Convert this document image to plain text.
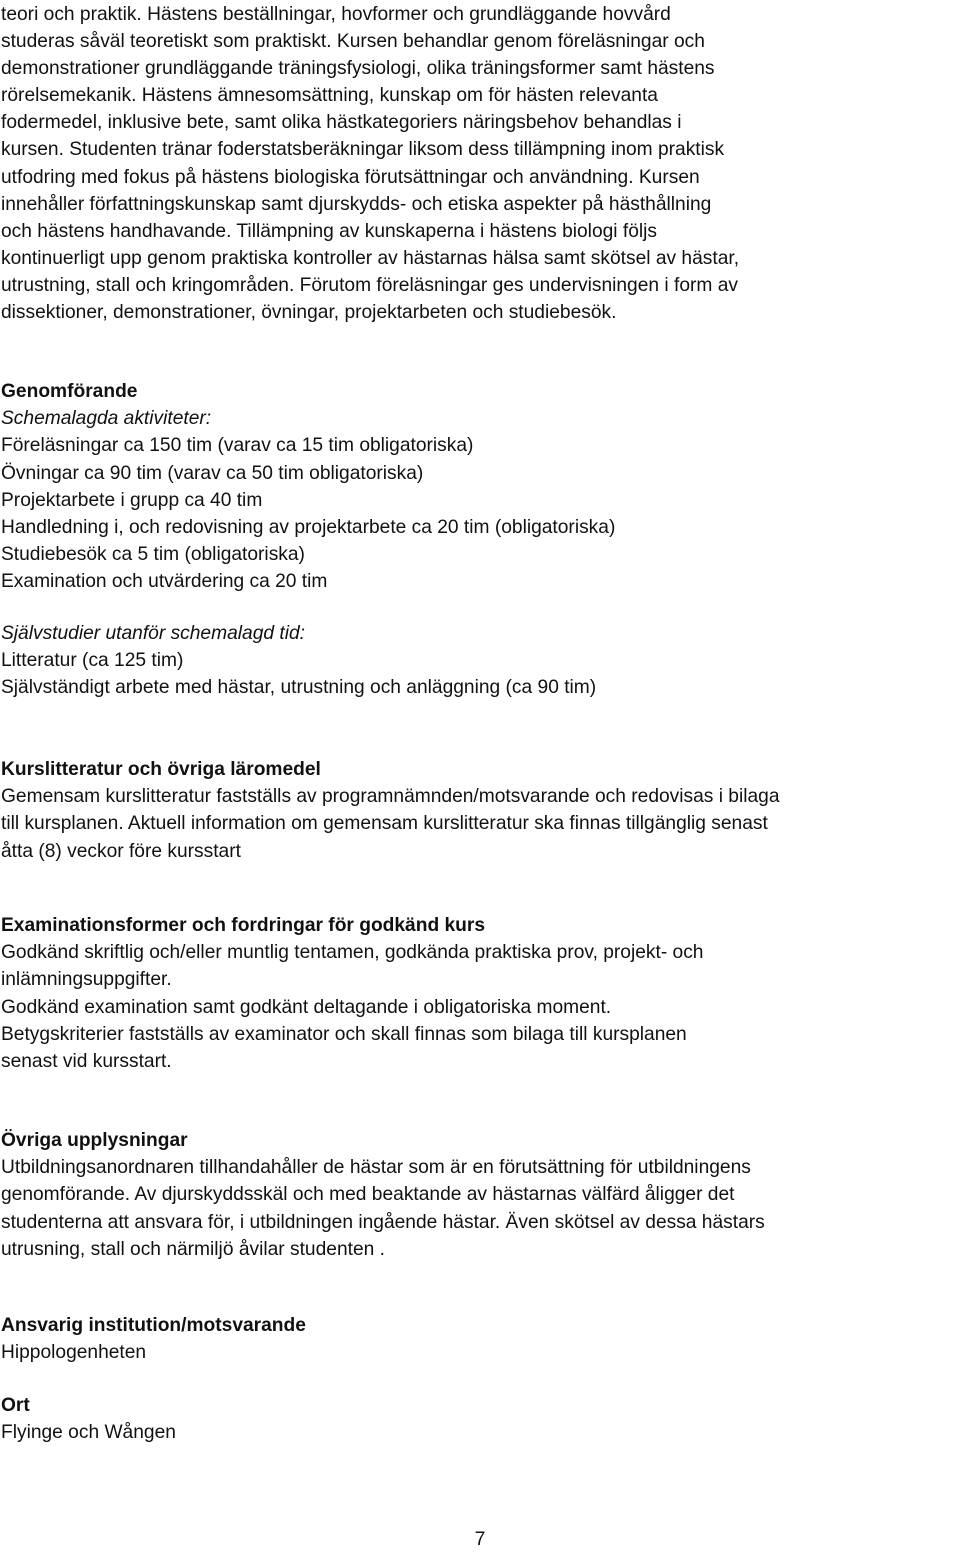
teori och praktik. Hästens beställningar, hovformer och grundläggande hovvård
studeras såväl teoretiskt som praktiskt. Kursen behandlar genom föreläsningar och
demonstrationer grundläggande träningsfysiologi, olika träningsformer samt hästens
rörelsemekanik. Hästens ämnesomsättning, kunskap om för hästen relevanta
fodermedel, inklusive bete, samt olika hästkategoriers näringsbehov behandlas i
kursen. Studenten tränar foderstatsberäkningar liksom dess tillämpning inom praktisk
utfodring med fokus på hästens biologiska förutsättningar och användning. Kursen
innehåller författningskunskap samt djurskydds- och etiska aspekter på hästhållning
och hästens handhavande. Tillämpning av kunskaperna i hästens biologi följs
kontinuerligt upp genom praktiska kontroller av hästarnas hälsa samt skötsel av hästar,
utrustning, stall och kringområden. Förutom föreläsningar ges undervisningen i form av
dissektioner, demonstrationer, övningar, projektarbeten och studiebesök.
Genomförande
Schemalagda aktiviteter:
Föreläsningar ca 150 tim (varav ca 15 tim obligatoriska)
Övningar ca 90 tim (varav ca 50 tim obligatoriska)
Projektarbete i grupp ca 40 tim
Handledning i, och redovisning av projektarbete ca 20 tim (obligatoriska)
Studiebesök ca 5 tim (obligatoriska)
Examination och utvärdering ca 20 tim
Självstudier utanför schemalagd tid:
Litteratur (ca 125 tim)
Självständigt arbete med hästar, utrustning och anläggning (ca 90 tim)
Kurslitteratur och övriga läromedel
Gemensam kurslitteratur fastställs av programnämnden/motsvarande och redovisas i bilaga
till kursplanen. Aktuell information om gemensam kurslitteratur ska finnas tillgänglig senast
åtta (8) veckor före kursstart
Examinationsformer och fordringar för godkänd kurs
Godkänd skriftlig och/eller muntlig tentamen, godkända praktiska prov, projekt- och
inlämningsuppgifter.
Godkänd examination samt godkänt deltagande i obligatoriska moment.
Betygskriterier fastställs av examinator och skall finnas som bilaga till kursplanen
senast vid kursstart.
Övriga upplysningar
Utbildningsanordnaren tillhandahåller de hästar som är en förutsättning för utbildningens
genomförande. Av djurskyddsskäl och med beaktande av hästarnas välfärd åligger det
studenterna att ansvara för, i utbildningen ingående hästar. Även skötsel av dessa hästars
utrusning, stall och närmiljö åvilar studenten .
Ansvarig institution/motsvarande
Hippologenheten
Ort
Flyinge och Wången
7
